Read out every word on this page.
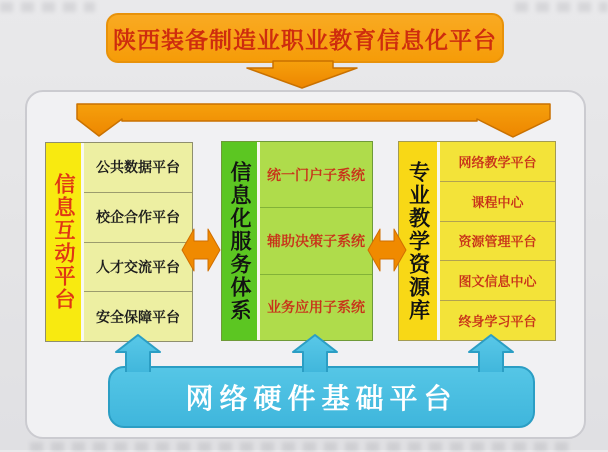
陕西装备制造业职业教育信息化平台
信息互动平台
公共数据平台
校企合作平台
人才交流平台
安全保障平台	信息化服务体系	统一门户子系统
辅助决策子系统
业务应用子系统	专业教学资源库	网络教学平台
课程中心
资源管理平台
图文信息中心
终身学习平台
网络硬件基础平台
